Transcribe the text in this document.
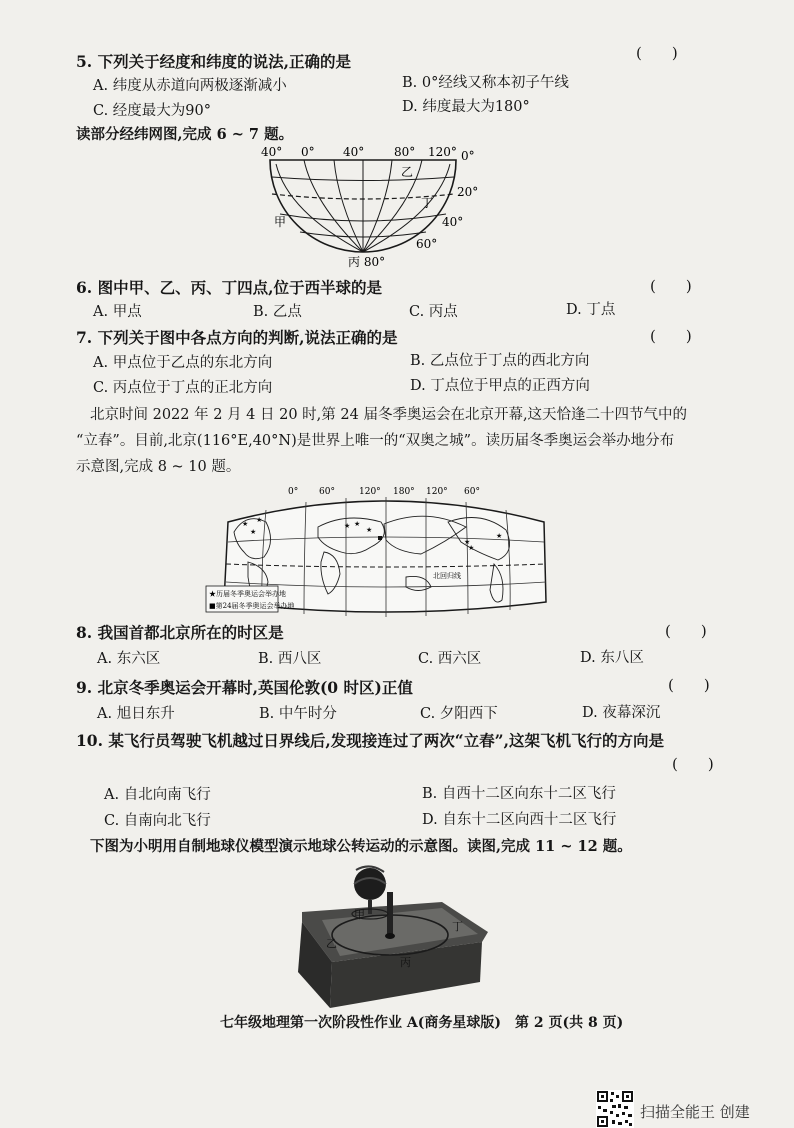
5. 下列关于经度和纬度的说法,正确的是	(　　)
A. 纬度从赤道向两极逐渐减小	B. 0°经线又称本初子午线
C. 经度最大为90°	D. 纬度最大为180°
读部分经纬网图,完成 6 ~ 7 题。
40° 0° 40° 80° 120° 0°
乙
丁
甲
20°
40°
60°
丙 80°
6. 图中甲、乙、丙、丁四点,位于西半球的是	(　　)
A. 甲点	B. 乙点	C. 丙点	D. 丁点
7. 下列关于图中各点方向的判断,说法正确的是	(　　)
A. 甲点位于乙点的东北方向	B. 乙点位于丁点的西北方向
C. 丙点位于丁点的正北方向	D. 丁点位于甲点的正西方向
北京时间 2022 年 2 月 4 日 20 时,第 24 届冬季奥运会在北京开幕,这天恰逢二十四节气中的
“立春”。目前,北京(116°E,40°N)是世界上唯一的“双奥之城”。读历届冬季奥运会举办地分布
示意图,完成 8 ~ 10 题。
0° 60°	120° 180° 120° 60°
★
★
★
★ ★
★
★
★
★
北回归线
★历届冬季奥运会举办地
■第24届冬季奥运会举办地
8. 我国首都北京所在的时区是	(　　)
A. 东六区	B. 西八区	C. 西六区	D. 东八区
9. 北京冬季奥运会开幕时,英国伦敦(0 时区)正值	(　　)
A. 旭日东升	B. 中午时分	C. 夕阳西下	D. 夜幕深沉
10. 某飞行员驾驶飞机越过日界线后,发现接连过了两次“立春”,这架飞机飞行的方向是
(　　)
A. 自北向南飞行	B. 自西十二区向东十二区飞行
C. 自南向北飞行	D. 自东十二区向西十二区飞行
下图为小明用自制地球仪模型演示地球公转运动的示意图。读图,完成 11 ~ 12 题。
甲
乙
丙
丁
七年级地理第一次阶段性作业 A(商务星球版)　第 2 页(共 8 页)
扫描全能王 创建
